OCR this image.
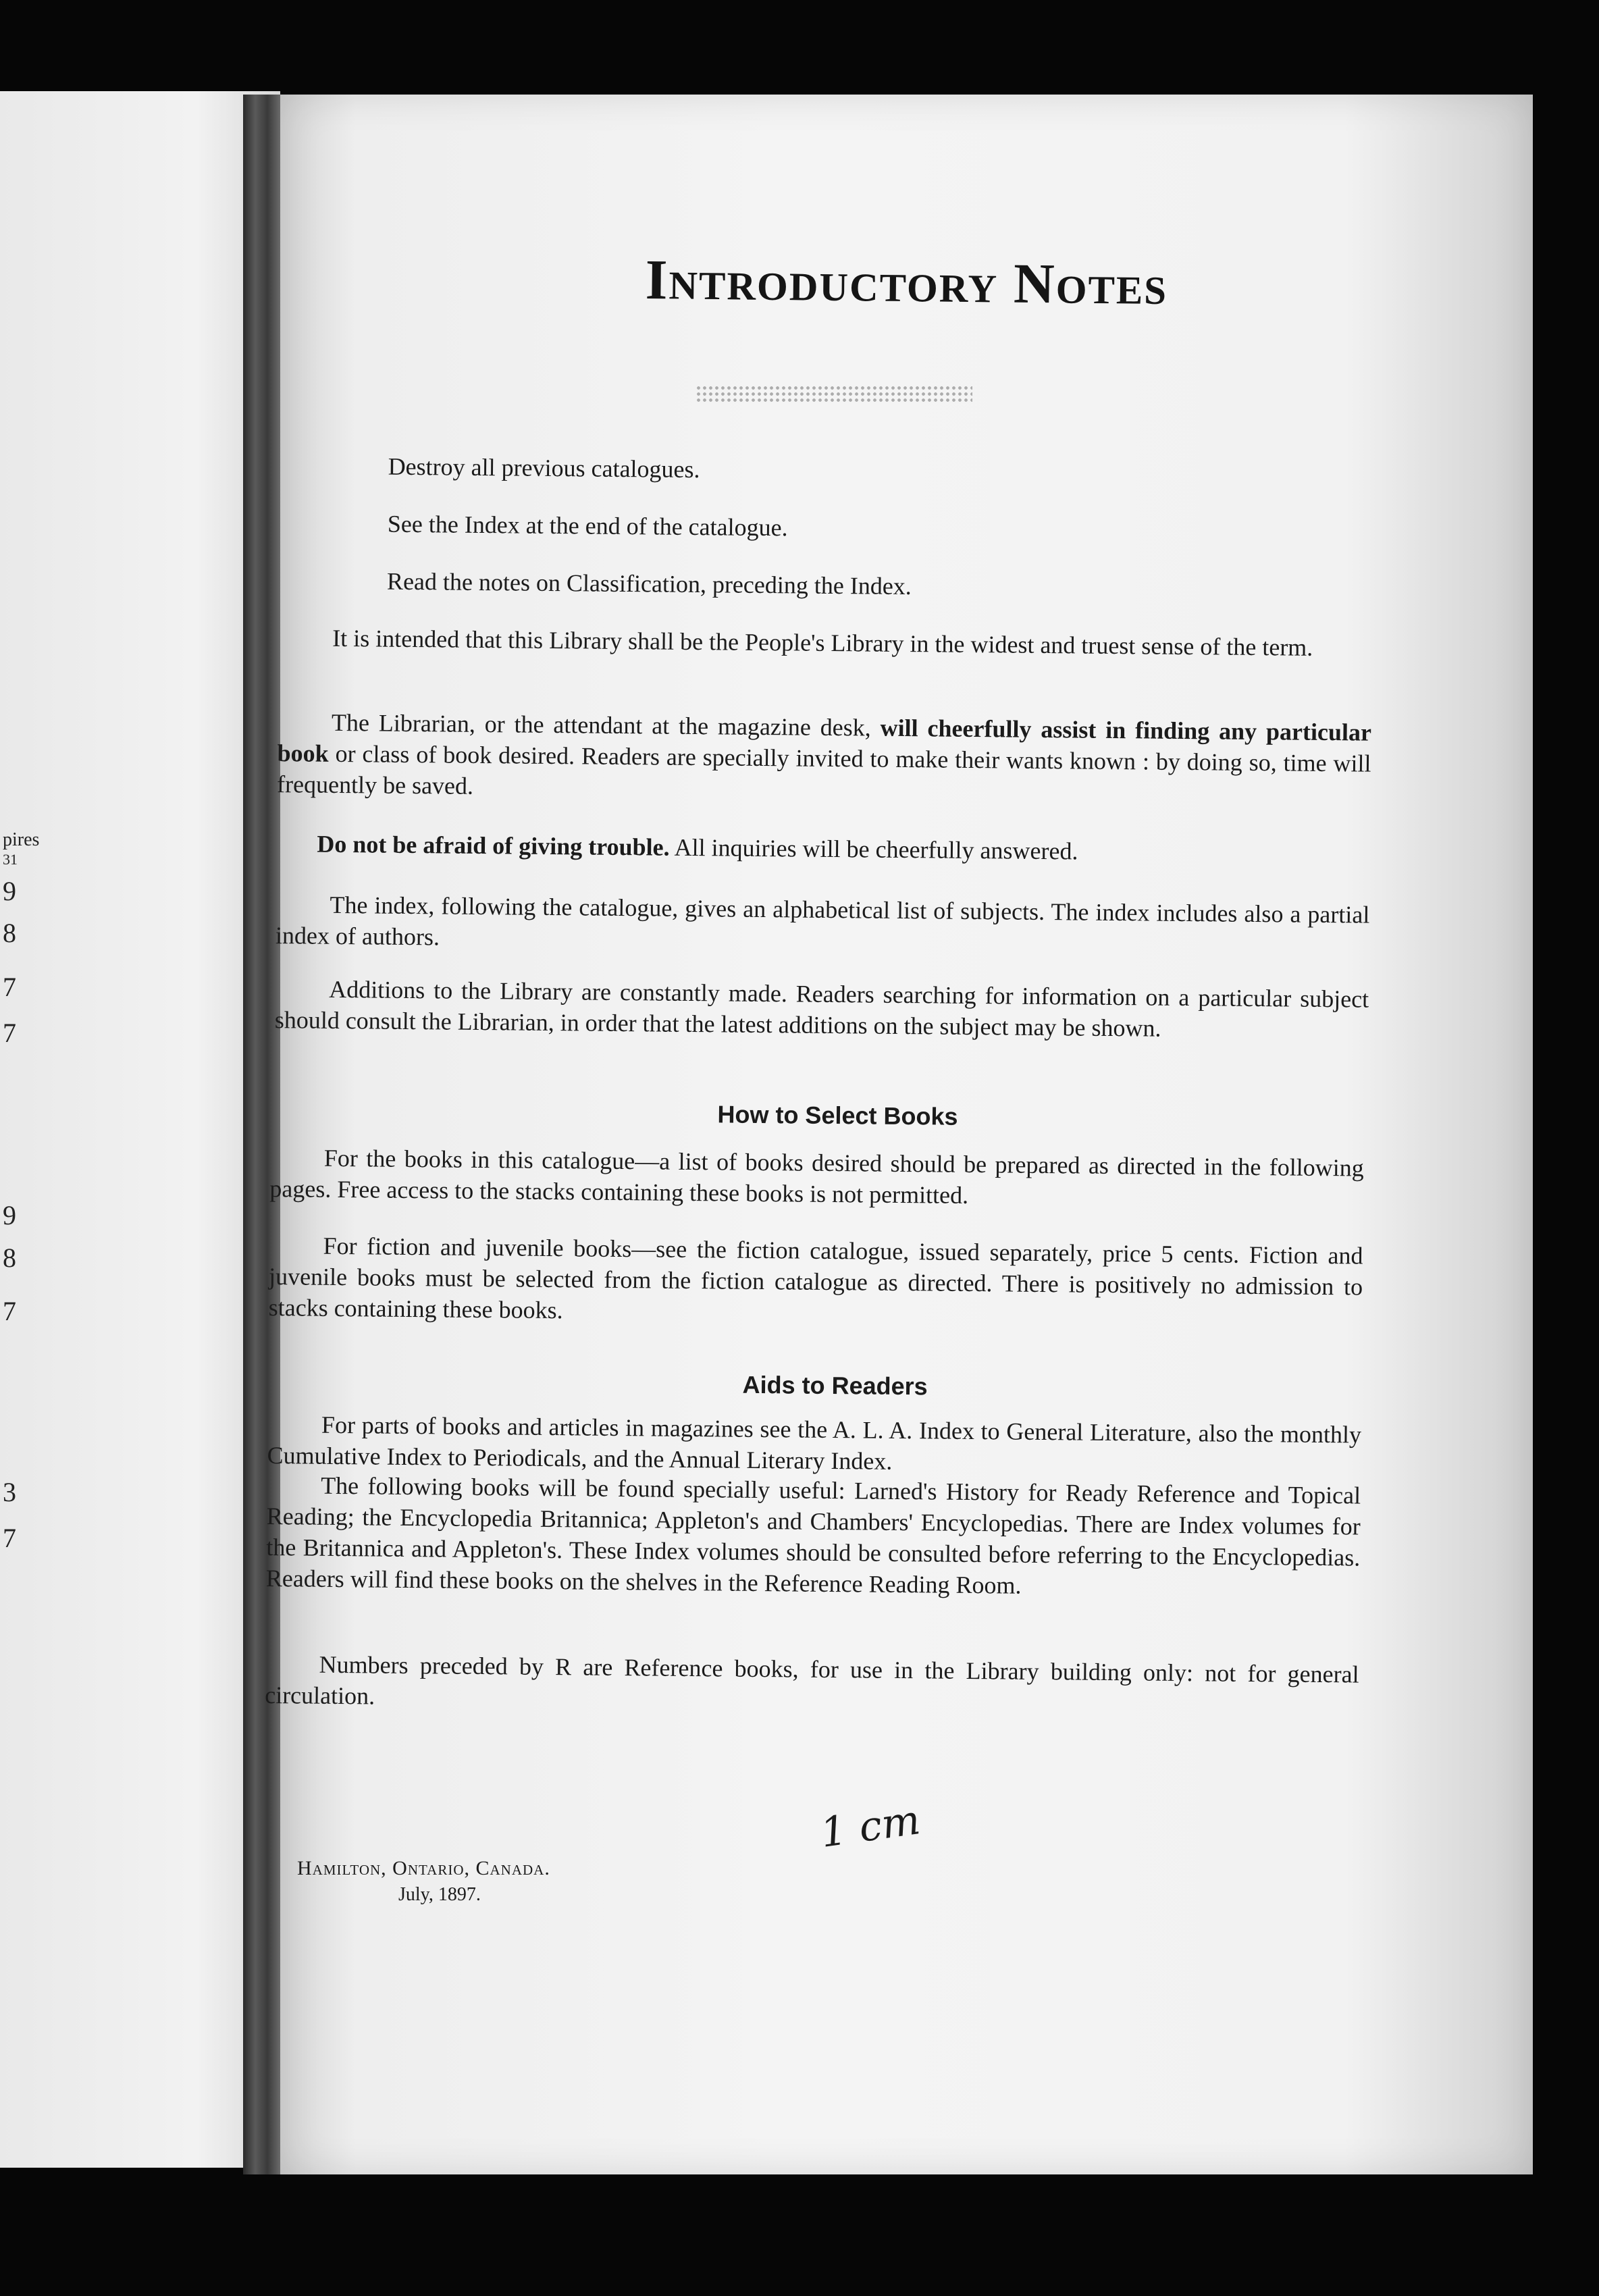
pires
31
9
8
7
7
9
8
7
3
7
Introductory Notes
Destroy all previous catalogues.
See the Index at the end of the catalogue.
Read the notes on Classification, preceding the Index.
It is intended that this Library shall be the People's Library in the widest and truest sense of the term.
The Librarian, or the attendant at the magazine desk, will cheerfully assist in finding any particular book or class of book desired. Readers are specially invited to make their wants known : by doing so, time will frequently be saved.
Do not be afraid of giving trouble. All inquiries will be cheerfully answered.
The index, following the catalogue, gives an alphabetical list of subjects. The index includes also a partial index of authors.
Additions to the Library are constantly made. Readers searching for information on a particular subject should consult the Librarian, in order that the latest additions on the subject may be shown.
How to Select Books
For the books in this catalogue—a list of books desired should be prepared as directed in the following pages. Free access to the stacks containing these books is not permitted.
For fiction and juvenile books—see the fiction catalogue, issued separately, price 5 cents. Fiction and juvenile books must be selected from the fiction catalogue as directed. There is positively no admission to stacks containing these books.
Aids to Readers
For parts of books and articles in magazines see the A. L. A. Index to General Literature, also the monthly Cumulative Index to Periodicals, and the Annual Literary Index.
The following books will be found specially useful: Larned's History for Ready Reference and Topical Reading; the Encyclopedia Britannica; Appleton's and Chambers' Encyclopedias. There are Index volumes for the Britannica and Appleton's. These Index volumes should be consulted before referring to the Encyclopedias. Readers will find these books on the shelves in the Reference Reading Room.
Numbers preceded by R are Reference books, for use in the Library building only: not for general circulation.
1 cm
Hamilton, Ontario, Canada.
July, 1897.
